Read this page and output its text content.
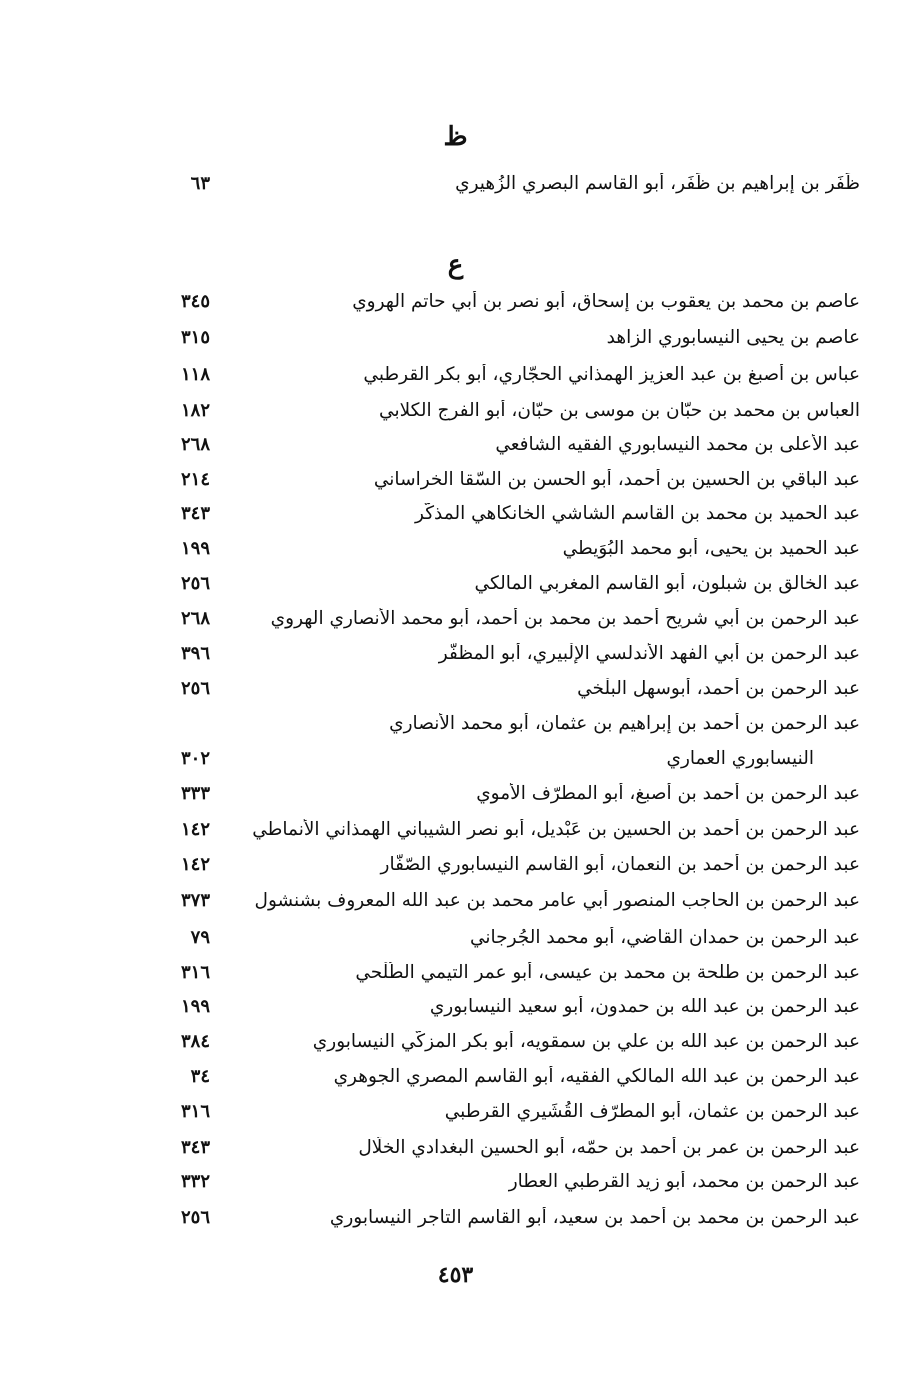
ظ
٦٣	ظَفَر بن إبراهيم بن ظَفَر، أبو القاسم البصري الزُهيري
ع
٣٤٥	عاصم بن محمد بن يعقوب بن إسحاق، أبو نصر بن أبي حاتم الهروي
٣١٥	عاصم بن يحيى النيسابوري الزاهد
١١٨	عباس بن أصبغ بن عبد العزيز الهمذاني الحجّاري، أبو بكر القرطبي
١٨٢	العباس بن محمد بن حبّان بن موسى بن حبّان، أبو الفرج الكلابي
٢٦٨	عبد الأعلى بن محمد النيسابوري الفقيه الشافعي
٢١٤	عبد الباقي بن الحسين بن أحمد، أبو الحسن بن السّقا الخراساني
٣٤٣	عبد الحميد بن محمد بن القاسم الشاشي الخانكاهي المذكّر
١٩٩	عبد الحميد بن يحيى، أبو محمد البُوَيطي
٢٥٦	عبد الخالق بن شبلون، أبو القاسم المغربي المالكي
٢٦٨	عبد الرحمن بن أبي شريح أحمد بن محمد بن أحمد، أبو محمد الأنصاري الهروي
٣٩٦	عبد الرحمن بن أبي الفهد الأندلسي الإلْبيري، أبو المظفّر
٢٥٦	عبد الرحمن بن أحمد، أبوسهل البلْخي
عبد الرحمن بن أحمد بن إبراهيم بن عثمان، أبو محمد الأنصاري
٣٠٢	النيسابوري العماري
٣٣٣	عبد الرحمن بن أحمد بن أصبغ، أبو المطرّف الأموي
١٤٢	عبد الرحمن بن أحمد بن الحسين بن عَبْديل، أبو نصر الشيباني الهمذاني الأنماطي
١٤٢	عبد الرحمن بن أحمد بن النعمان، أبو القاسم النيسابوري الصّفّار
٣٧٣	عبد الرحمن بن الحاجب المنصور أبي عامر محمد بن عبد الله المعروف بشنشول
٧٩	عبد الرحمن بن حمدان القاضي، أبو محمد الجُرجاني
٣١٦	عبد الرحمن بن طلحة بن محمد بن عيسى، أبو عمر التيمي الطُلْحي
١٩٩	عبد الرحمن بن عبد الله بن حمدون، أبو سعيد النيسابوري
٣٨٤	عبد الرحمن بن عبد الله بن علي بن سمقويه، أبو بكر المزكّي النيسابوري
٣٤	عبد الرحمن بن عبد الله المالكي الفقيه، أبو القاسم المصري الجوهري
٣١٦	عبد الرحمن بن عثمان، أبو المطرّف القُشَيري القرطبي
٣٤٣	عبد الرحمن بن عمر بن أحمد بن حمّه، أبو الحسين البغدادي الخلّال
٣٣٢	عبد الرحمن بن محمد، أبو زيد القرطبي العطار
٢٥٦	عبد الرحمن بن محمد بن أحمد بن سعيد، أبو القاسم التاجر النيسابوري
٤٥٣
